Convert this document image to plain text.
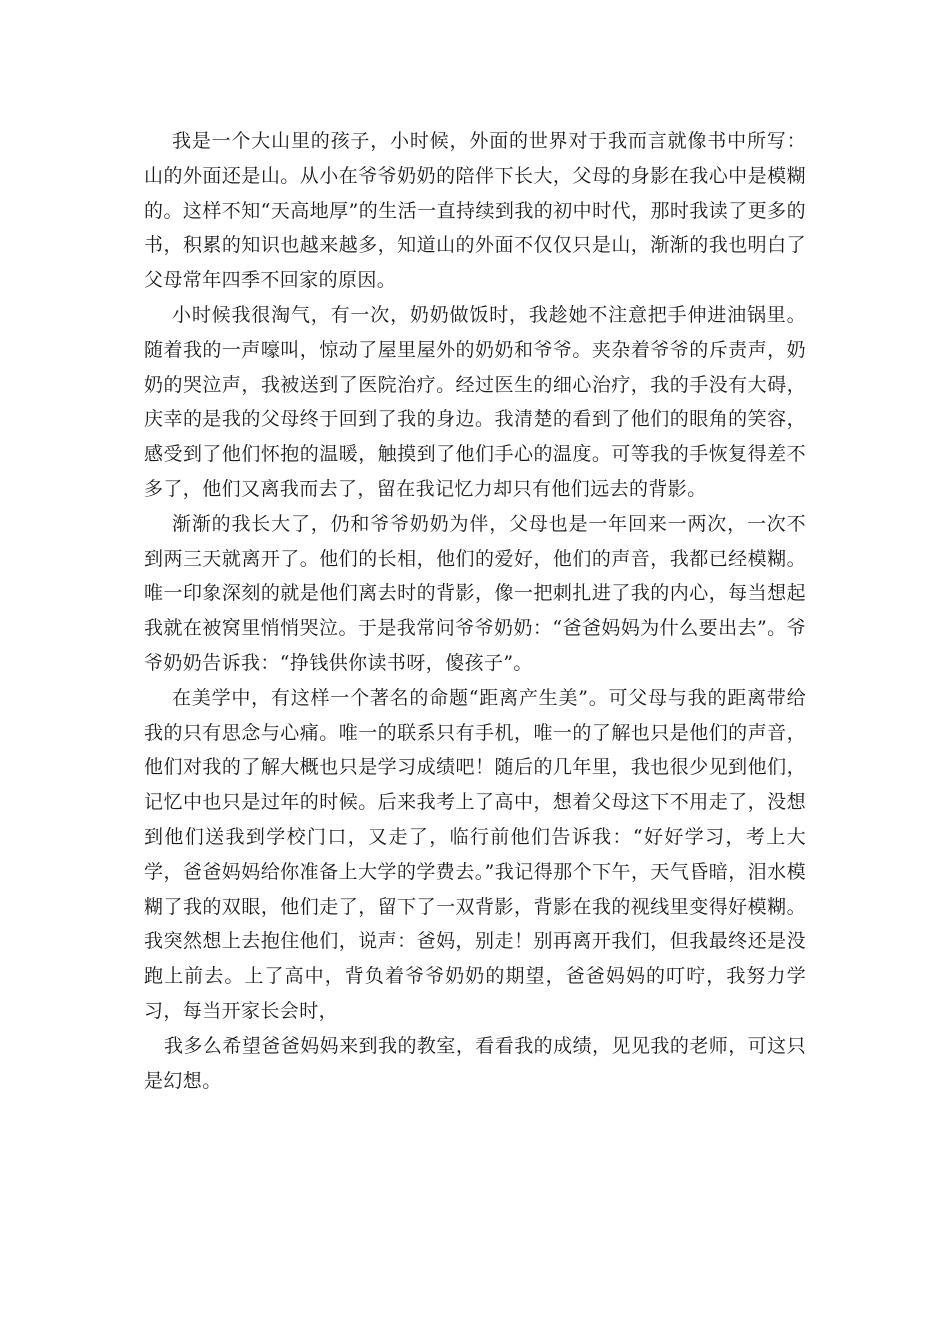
我是一个大山里的孩子，小时候，外面的世界对于我而言就像书中所写：山的外面还是山。从小在爷爷奶奶的陪伴下长大，父母的身影在我心中是模糊的。这样不知“天高地厚”的生活一直持续到我的初中时代，那时我读了更多的书，积累的知识也越来越多，知道山的外面不仅仅只是山，渐渐的我也明白了父母常年四季不回家的原因。

小时候我很淘气，有一次，奶奶做饭时，我趁她不注意把手伸进油锅里。随着我的一声嚎叫，惊动了屋里屋外的奶奶和爷爷。夹杂着爷爷的斥责声，奶奶的哭泣声，我被送到了医院治疗。经过医生的细心治疗，我的手没有大碍，庆幸的是我的父母终于回到了我的身边。我清楚的看到了他们的眼角的笑容，感受到了他们怀抱的温暖，触摸到了他们手心的温度。可等我的手恢复得差不多了，他们又离我而去了，留在我记忆力却只有他们远去的背影。

渐渐的我长大了，仍和爷爷奶奶为伴，父母也是一年回来一两次，一次不到两三天就离开了。他们的长相，他们的爱好，他们的声音，我都已经模糊。唯一印象深刻的就是他们离去时的背影，像一把刺扎进了我的内心，每当想起我就在被窝里悄悄哭泣。于是我常问爷爷奶奶：“爸爸妈妈为什么要出去”。爷爷奶奶告诉我：“挣钱供你读书呀，傻孩子”。

在美学中，有这样一个著名的命题“距离产生美”。可父母与我的距离带给我的只有思念与心痛。唯一的联系只有手机，唯一的了解也只是他们的声音，他们对我的了解大概也只是学习成绩吧！随后的几年里，我也很少见到他们，记忆中也只是过年的时候。后来我考上了高中，想着父母这下不用走了，没想到他们送我到学校门口，又走了，临行前他们告诉我：“好好学习，考上大学，爸爸妈妈给你准备上大学的学费去。”我记得那个下午，天气昏暗，泪水模糊了我的双眼，他们走了，留下了一双背影，背影在我的视线里变得好模糊。我突然想上去抱住他们，说声：爸妈，别走！别再离开我们，但我最终还是没跑上前去。上了高中，背负着爷爷奶奶的期望，爸爸妈妈的叮咛，我努力学习，每当开家长会时，

我多么希望爸爸妈妈来到我的教室，看看我的成绩，见见我的老师，可这只是幻想。
